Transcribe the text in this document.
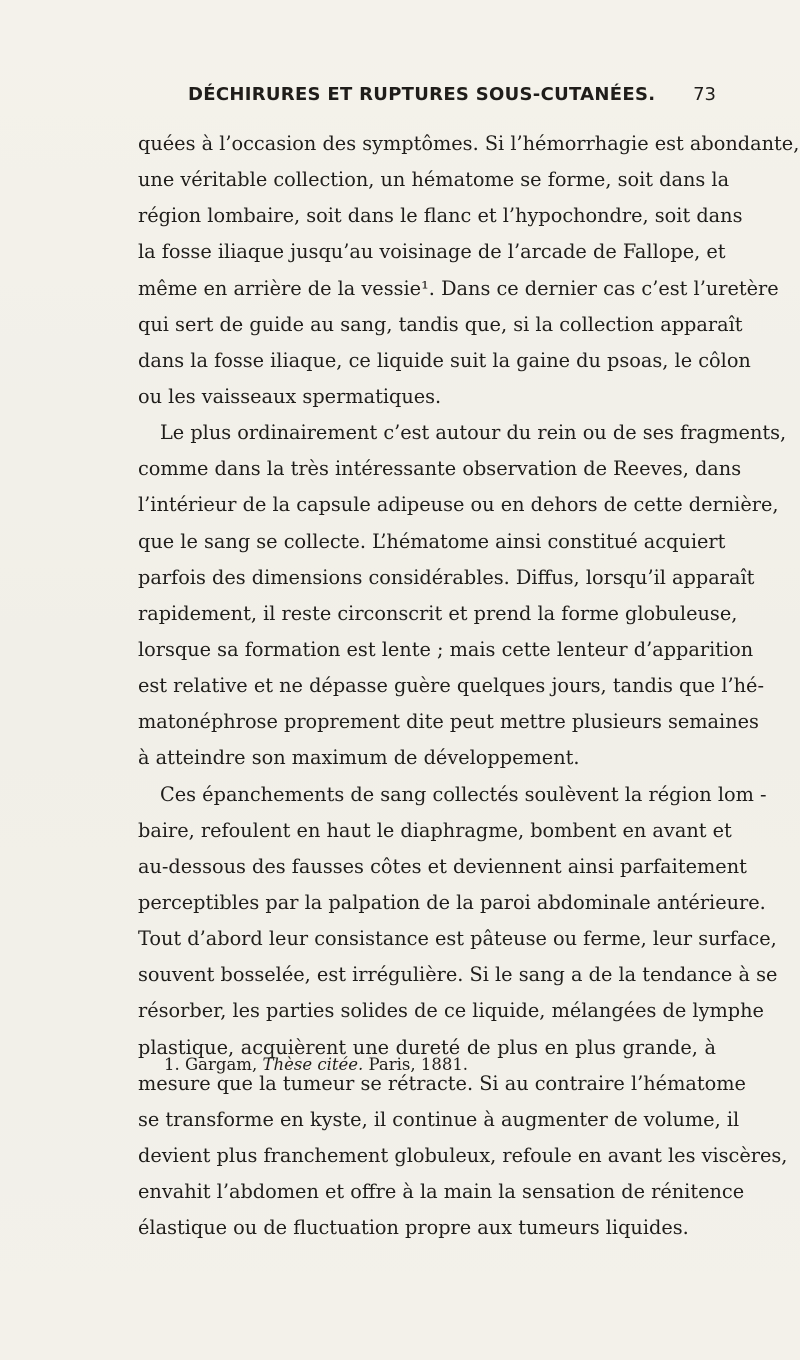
DÉCHIRURES ET RUPTURES SOUS-CUTANÉES. 73
quées à l’occasion des symptômes. Si l’hémorrhagie est abondante,
une véritable collection, un hématome se forme, soit dans la
région lombaire, soit dans le flanc et l’hypochondre, soit dans
la fosse iliaque jusqu’au voisinage de l’arcade de Fallope, et
même en arrière de la vessie¹. Dans ce dernier cas c’est l’uretère
qui sert de guide au sang, tandis que, si la collection apparaît
dans la fosse iliaque, ce liquide suit la gaine du psoas, le côlon
ou les vaisseaux spermatiques.
Le plus ordinairement c’est autour du rein ou de ses fragments,
comme dans la très intéressante observation de Reeves, dans
l’intérieur de la capsule adipeuse ou en dehors de cette dernière,
que le sang se collecte. L’hématome ainsi constitué acquiert
parfois des dimensions considérables. Diffus, lorsqu’il apparaît
rapidement, il reste circonscrit et prend la forme globuleuse,
lorsque sa formation est lente ; mais cette lenteur d’apparition
est relative et ne dépasse guère quelques jours, tandis que l’hé-
matonéphrose proprement dite peut mettre plusieurs semaines
à atteindre son maximum de développement.
Ces épanchements de sang collectés soulèvent la région lom -
baire, refoulent en haut le diaphragme, bombent en avant et
au-dessous des fausses côtes et deviennent ainsi parfaitement
perceptibles par la palpation de la paroi abdominale antérieure.
Tout d’abord leur consistance est pâteuse ou ferme, leur surface,
souvent bosselée, est irrégulière. Si le sang a de la tendance à se
résorber, les parties solides de ce liquide, mélangées de lymphe
plastique, acquièrent une dureté de plus en plus grande, à
mesure que la tumeur se rétracte. Si au contraire l’hématome
se transforme en kyste, il continue à augmenter de volume, il
devient plus franchement globuleux, refoule en avant les viscères,
envahit l’abdomen et offre à la main la sensation de rénitence
élastique ou de fluctuation propre aux tumeurs liquides.
1. Gargam, Thèse citée. Paris, 1881.
